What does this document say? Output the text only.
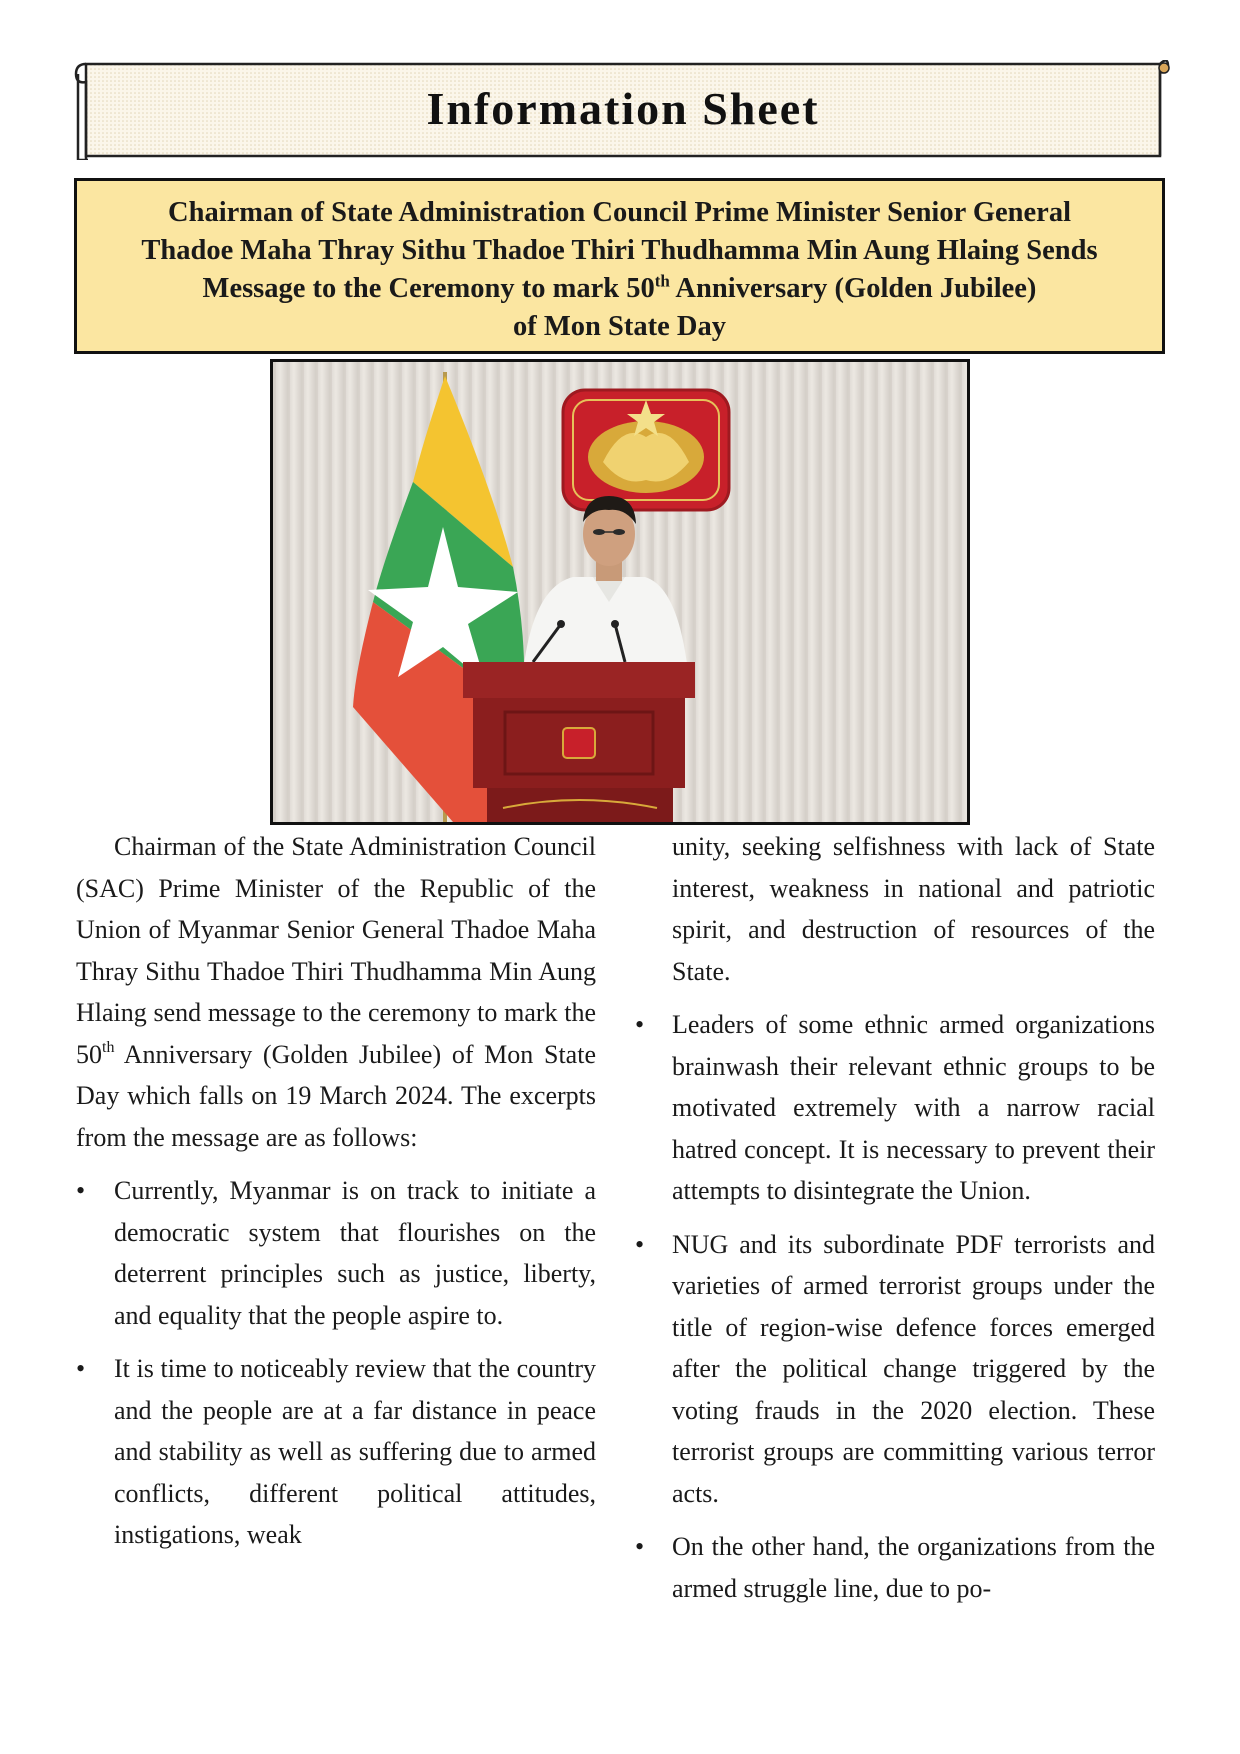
Information Sheet
Chairman of State Administration Council Prime Minister Senior General
Thadoe Maha Thray Sithu Thadoe Thiri Thudhamma Min Aung Hlaing Sends
Message to the Ceremony to mark 50th Anniversary (Golden Jubilee)
of Mon State Day

Chairman of the State Administration Council (SAC) Prime Minister of the Republic of the Union of Myanmar Senior General Thadoe Maha Thray Sithu Thadoe Thiri Thudhamma Min Aung Hlaing send message to the ceremony to mark the 50th Anniversary (Golden Jubilee) of Mon State Day which falls on 19 March 2024. The excerpts from the message are as follows:

• Currently, Myanmar is on track to initiate a democratic system that flourishes on the deterrent principles such as justice, liberty, and equality that the people aspire to.
• It is time to noticeably review that the country and the people are at a far distance in peace and stability as well as suffering due to armed conflicts, different political attitudes, instigations, weak

unity, seeking selfishness with lack of State interest, weakness in national and patriotic spirit, and destruction of resources of the State.

• Leaders of some ethnic armed organizations brainwash their relevant ethnic groups to be motivated extremely with a narrow racial hatred concept. It is necessary to prevent their attempts to disintegrate the Union.
• NUG and its subordinate PDF terrorists and varieties of armed terrorist groups under the title of region-wise defence forces emerged after the political change triggered by the voting frauds in the 2020 election. These terrorist groups are committing various terror acts.
• On the other hand, the organizations from the armed struggle line, due to po-
